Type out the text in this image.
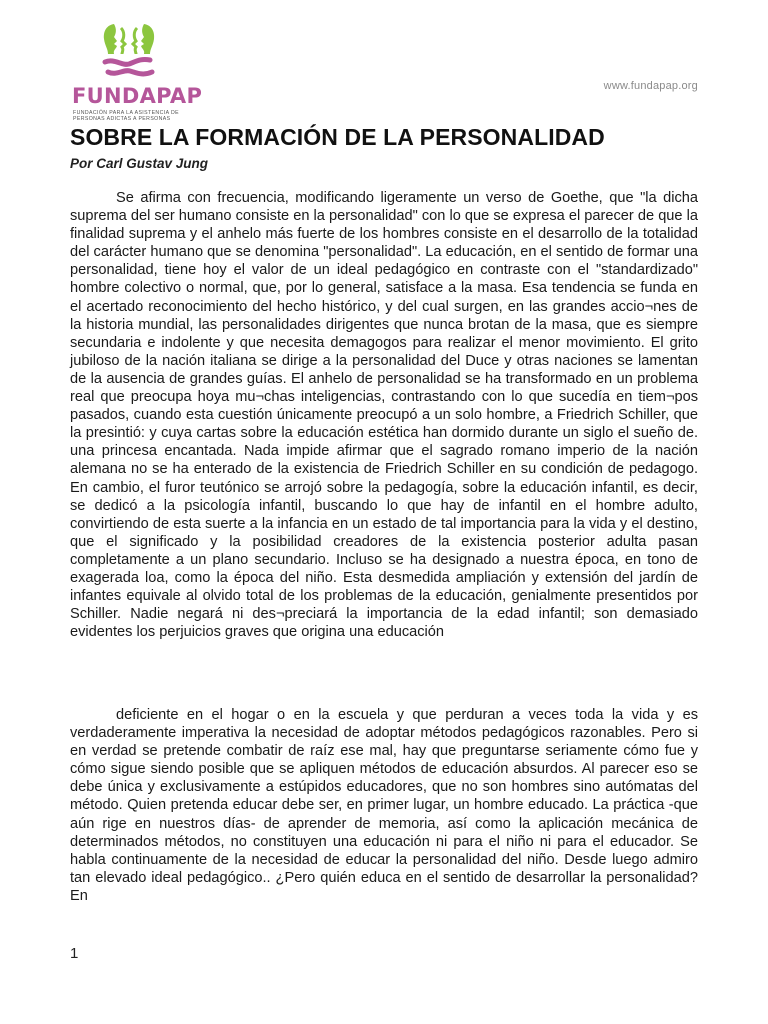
FUNDAPAP
FUNDACIÓN PARA LA ASISTENCIA DE PERSONAS ADICTAS A PERSONAS
www.fundapap.org
SOBRE LA FORMACIÓN DE LA PERSONALIDAD
Por Carl Gustav Jung

Se afirma con frecuencia, modificando ligeramente un verso de Goethe, que "la dicha suprema del ser humano consiste en la personalidad" con lo que se expresa el parecer de que la finalidad suprema y el anhelo más fuerte de los hombres consiste en el desarrollo de la totalidad del carácter humano que se denomina "personalidad". La educación, en el sentido de formar una personalidad, tiene hoy el valor de un ideal pedagógico en contraste con el "standardizado" hombre colectivo o normal, que, por lo general, satisface a la masa. Esa tendencia se funda en el acertado reconocimiento del hecho histórico, y del cual surgen, en las grandes accio¬nes de la historia mundial, las personalidades dirigentes que nunca brotan de la masa, que es siempre secundaria e indolente y que necesita demagogos para realizar el menor movimiento. El grito jubiloso de la nación italiana se dirige a la personalidad del Duce y otras naciones se lamentan de la ausencia de grandes guías. El anhelo de personalidad se ha transformado en un problema real que preocupa hoya mu¬chas inteligencias, contrastando con lo que sucedía en tiem¬pos pasados, cuando esta cuestión únicamente preocupó a un solo hombre, a Friedrich Schiller, que la presintió: y cuya cartas sobre la educación estética han dormido durante un siglo el sueño de. una princesa encantada. Nada impide afirmar que el sagrado romano imperio de la nación alemana no se ha enterado de la existencia de Friedrich Schiller en su condición de pedagogo. En cambio, el furor teutónico se arrojó sobre la pedagogía, sobre la educación infantil, es decir, se dedicó a la psicología infantil, buscando lo que hay de infantil en el hombre adulto, convirtiendo de esta suerte a la infancia en un estado de tal importancia para la vida y el destino, que el significado y la posibilidad creadores de la existencia posterior adulta pasan completamente a un plano secundario. Incluso se ha designado a nuestra época, en tono de exagerada loa, como la época del niño. Esta desmedida ampliación y extensión del jardín de infantes equivale al olvido total de los problemas de la educación, genialmente presentidos por Schiller. Nadie negará ni des¬preciará la importancia de la edad infantil; son demasiado evidentes los perjuicios graves que origina una educación

deficiente en el hogar o en la escuela y que perduran a veces toda la vida y es verdaderamente imperativa la necesidad de adoptar métodos pedagógicos razonables. Pero si en verdad se pretende combatir de raíz ese mal, hay que preguntarse seriamente cómo fue y cómo sigue siendo posible que se apliquen métodos de educación absurdos. Al parecer eso se debe única y exclusivamente a estúpidos educadores, que no son hombres sino autómatas del método. Quien pretenda educar debe ser, en primer lugar, un hombre educado. La práctica -que aún rige en nuestros días- de aprender de memoria, así como la aplicación mecánica de determinados métodos, no constituyen una educación ni para el niño ni para el educador. Se habla continuamente de la necesidad de educar la personalidad del niño. Desde luego admiro tan elevado ideal pedagógico.. ¿Pero quién educa en el sentido de desarrollar la personalidad? En

1
